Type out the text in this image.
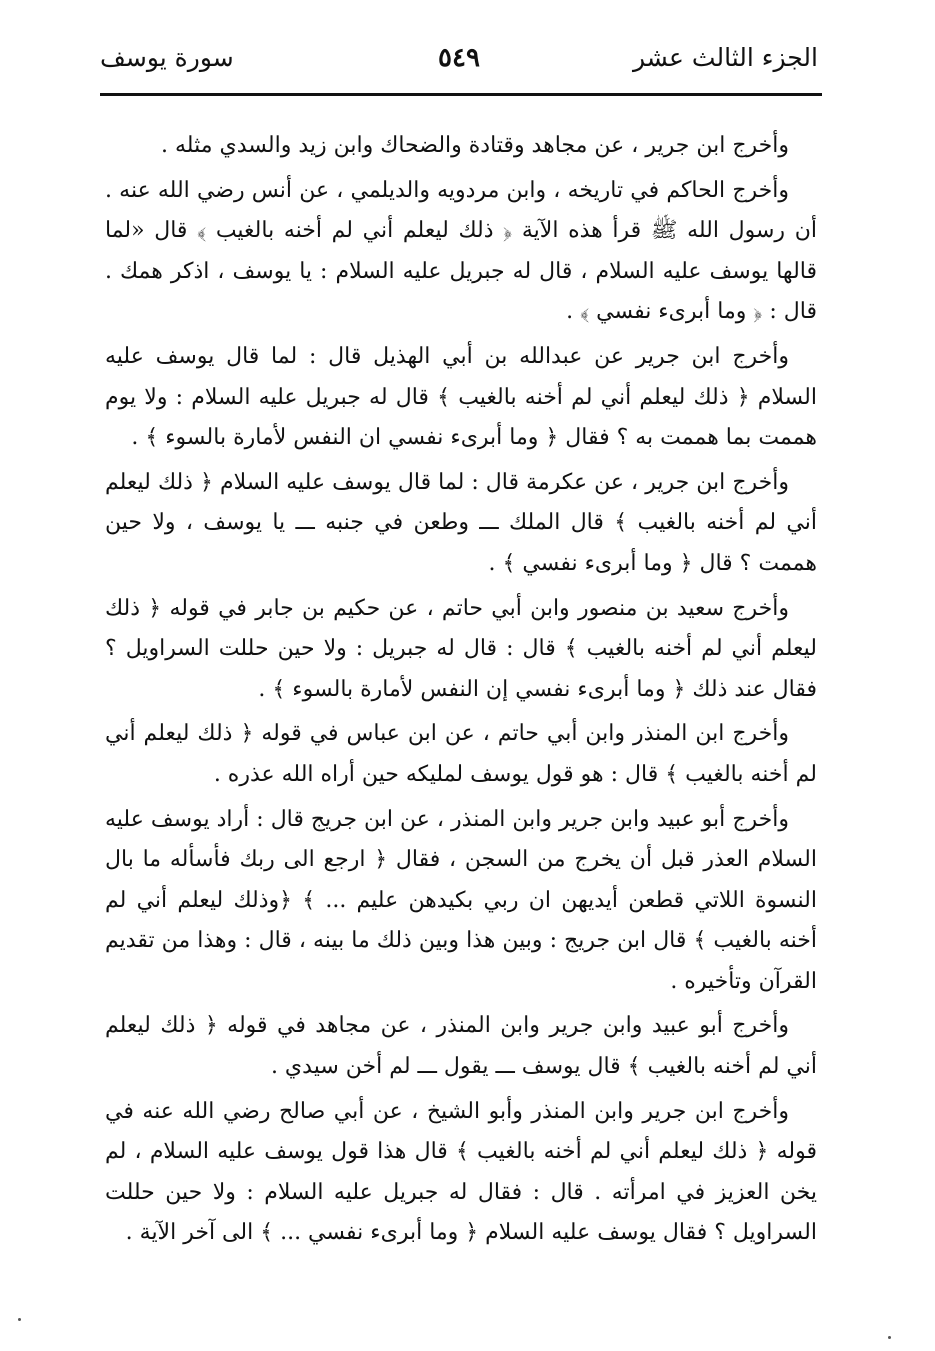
الجزء الثالث عشر
٥٤٩
سورة يوسف

وأخرج ابن جرير ، عن مجاهد وقتادة والضحاك وابن زيد والسدي مثله .

وأخرج الحاكم في تاريخه ، وابن مردويه والديلمي ، عن أنس رضي الله عنه . أن رسول الله ﷺ قرأ هذه الآية ﴿ ذلك ليعلم أني لم أخنه بالغيب ﴾ قال «لما قالها يوسف عليه السلام ، قال له جبريل عليه السلام : يا يوسف ، اذكر همك . قال : ﴿ وما أبرىء نفسي ﴾ .

وأخرج ابن جرير عن عبدالله بن أبي الهذيل قال : لما قال يوسف عليه السلام ﴿ ذلك ليعلم أني لم أخنه بالغيب ﴾ قال له جبريل عليه السلام : ولا يوم هممت بما هممت به ؟ فقال ﴿ وما أبرىء نفسي ان النفس لأمارة بالسوء ﴾ .

وأخرج ابن جرير ، عن عكرمة قال : لما قال يوسف عليه السلام ﴿ ذلك ليعلم أني لم أخنه بالغيب ﴾ قال الملك ـــ وطعن في جنبه ـــ يا يوسف ، ولا حين هممت ؟ قال ﴿ وما أبرىء نفسي ﴾ .

وأخرج سعيد بن منصور وابن أبي حاتم ، عن حكيم بن جابر في قوله ﴿ ذلك ليعلم أني لم أخنه بالغيب ﴾ قال : قال له جبريل : ولا حين حللت السراويل ؟ فقال عند ذلك ﴿ وما أبرىء نفسي إن النفس لأمارة بالسوء ﴾ .

وأخرج ابن المنذر وابن أبي حاتم ، عن ابن عباس في قوله ﴿ ذلك ليعلم أني لم أخنه بالغيب ﴾ قال : هو قول يوسف لمليكه حين أراه الله عذره .

وأخرج أبو عبيد وابن جرير وابن المنذر ، عن ابن جريج قال : أراد يوسف عليه السلام العذر قبل أن يخرج من السجن ، فقال ﴿ ارجع الى ربك فأسأله ما بال النسوة اللاتي قطعن أيديهن ان ربي بكيدهن عليم ... ﴾ ﴿وذلك ليعلم أني لم أخنه بالغيب ﴾ قال ابن جريج : وبين هذا وبين ذلك ما بينه ، قال : وهذا من تقديم القرآن وتأخيره .

وأخرج أبو عبيد وابن جرير وابن المنذر ، عن مجاهد في قوله ﴿ ذلك ليعلم أني لم أخنه بالغيب ﴾ قال يوسف ـــ يقول ـــ لم أخن سيدي .

وأخرج ابن جرير وابن المنذر وأبو الشيخ ، عن أبي صالح رضي الله عنه في قوله ﴿ ذلك ليعلم أني لم أخنه بالغيب ﴾ قال هذا قول يوسف عليه السلام ، لم يخن العزيز في امرأته . قال : فقال له جبريل عليه السلام : ولا حين حللت السراويل ؟ فقال يوسف عليه السلام ﴿ وما أبرىء نفسي ... ﴾ الى آخر الآية .
